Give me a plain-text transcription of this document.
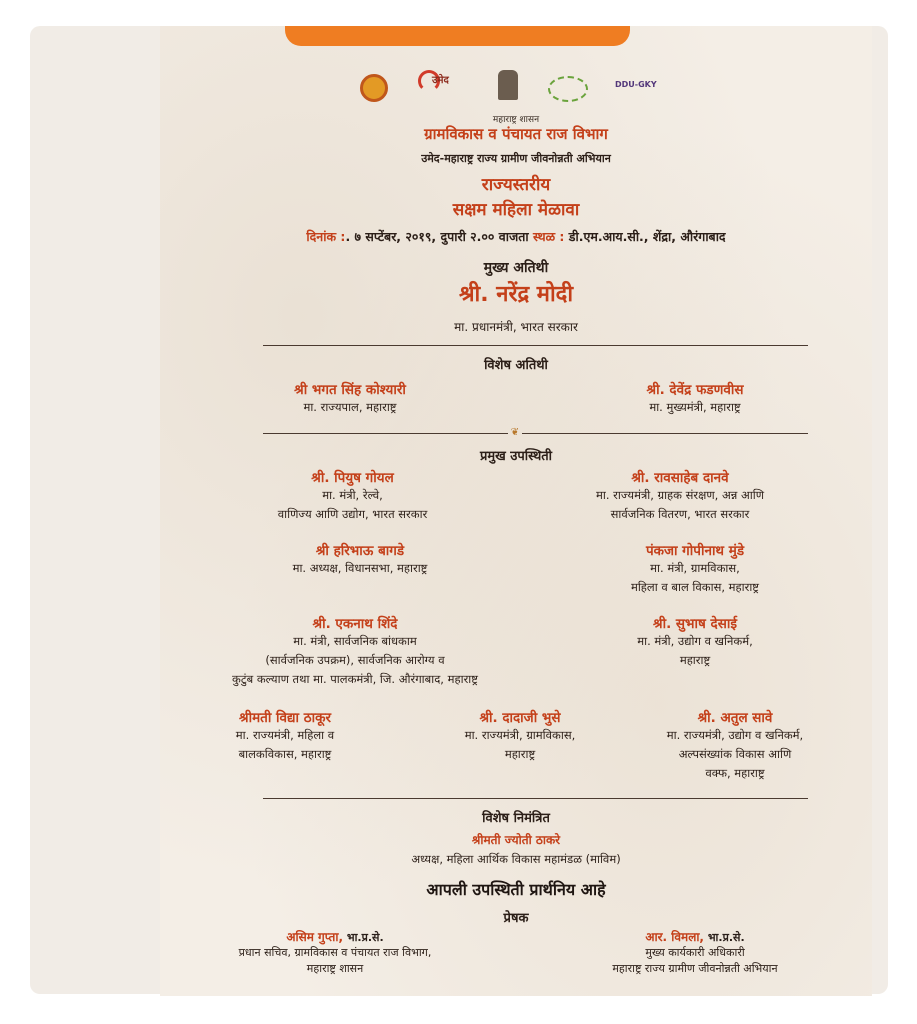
उमेद	DDU-GKY
महाराष्ट्र शासन
ग्रामविकास व पंचायत राज विभाग
उमेद-महाराष्ट्र राज्य ग्रामीण जीवनोन्नती अभियान
राज्यस्तरीय
सक्षम महिला मेळावा
दिनांक :. ७ सप्टेंबर, २०१९, दुपारी २.०० वाजता स्थळ : डी.एम.आय.सी., शेंद्रा, औरंगाबाद
मुख्य अतिथी
श्री. नरेंद्र मोदी
मा. प्रधानमंत्री, भारत सरकार
विशेष अतिथी
श्री भगत सिंह कोश्यारी
मा. राज्यपाल, महाराष्ट्र
श्री. देवेंद्र फडणवीस
मा. मुख्यमंत्री, महाराष्ट्र
❦
प्रमुख उपस्थिती
श्री. पियुष गोयल
मा. मंत्री, रेल्वे,
वाणिज्य आणि उद्योग, भारत सरकार
श्री. रावसाहेब दानवे
मा. राज्यमंत्री, ग्राहक संरक्षण, अन्न आणि
सार्वजनिक वितरण, भारत सरकार
श्री हरिभाऊ बागडे
मा. अध्यक्ष, विधानसभा, महाराष्ट्र
पंकजा गोपीनाथ मुंडे
मा. मंत्री, ग्रामविकास,
महिला व बाल विकास, महाराष्ट्र
श्री. एकनाथ शिंदे
मा. मंत्री, सार्वजनिक बांधकाम
(सार्वजनिक उपक्रम), सार्वजनिक आरोग्य व
कुटुंब कल्याण तथा मा. पालकमंत्री, जि. औरंगाबाद, महाराष्ट्र
श्री. सुभाष देसाई
मा. मंत्री, उद्योग व खनिकर्म,
महाराष्ट्र
श्रीमती विद्या ठाकूर
मा. राज्यमंत्री, महिला व
बालकविकास, महाराष्ट्र
श्री. दादाजी भुसे
मा. राज्यमंत्री, ग्रामविकास,
महाराष्ट्र
श्री. अतुल सावे
मा. राज्यमंत्री, उद्योग व खनिकर्म,
अल्पसंख्यांक विकास आणि
वक्फ, महाराष्ट्र
विशेष निमंत्रित
श्रीमती ज्योती ठाकरे
अध्यक्ष, महिला आर्थिक विकास महामंडळ (माविम)
आपली उपस्थिती प्रार्थनिय आहे
प्रेषक
असिम गुप्ता, भा.प्र.से.
प्रधान सचिव, ग्रामविकास व पंचायत राज विभाग,
महाराष्ट्र शासन
आर. विमला, भा.प्र.से.
मुख्य कार्यकारी अधिकारी
महाराष्ट्र राज्य ग्रामीण जीवनोन्नती अभियान
